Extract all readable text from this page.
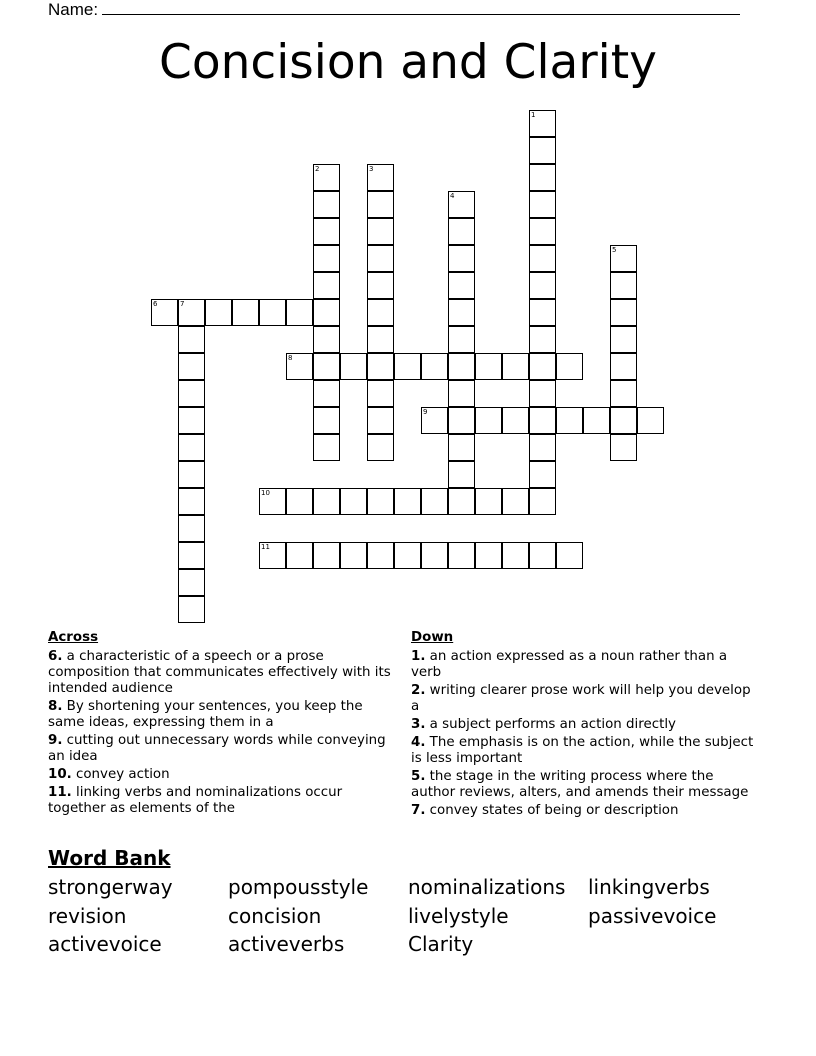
Name:
Concision and Clarity
1
2	3
4
5
6	7
8
9
10
11
Across
6. a characteristic of a speech or a prose composition that communicates effectively with its intended audience
8. By shortening your sentences, you keep the same ideas, expressing them in a
9. cutting out unnecessary words while conveying an idea
10. convey action
11. linking verbs and nominalizations occur together as elements of the
Down
1. an action expressed as a noun rather than a verb
2. writing clearer prose work will help you develop a
3. a subject performs an action directly
4. The emphasis is on the action, while the subject is less important
5. the stage in the writing process where the author reviews, alters, and amends their message
7. convey states of being or description
Word Bank
strongerway	pompousstyle	nominalizations	linkingverbs
revision	concision	livelystyle	passivevoice
activevoice	activeverbs	Clarity
